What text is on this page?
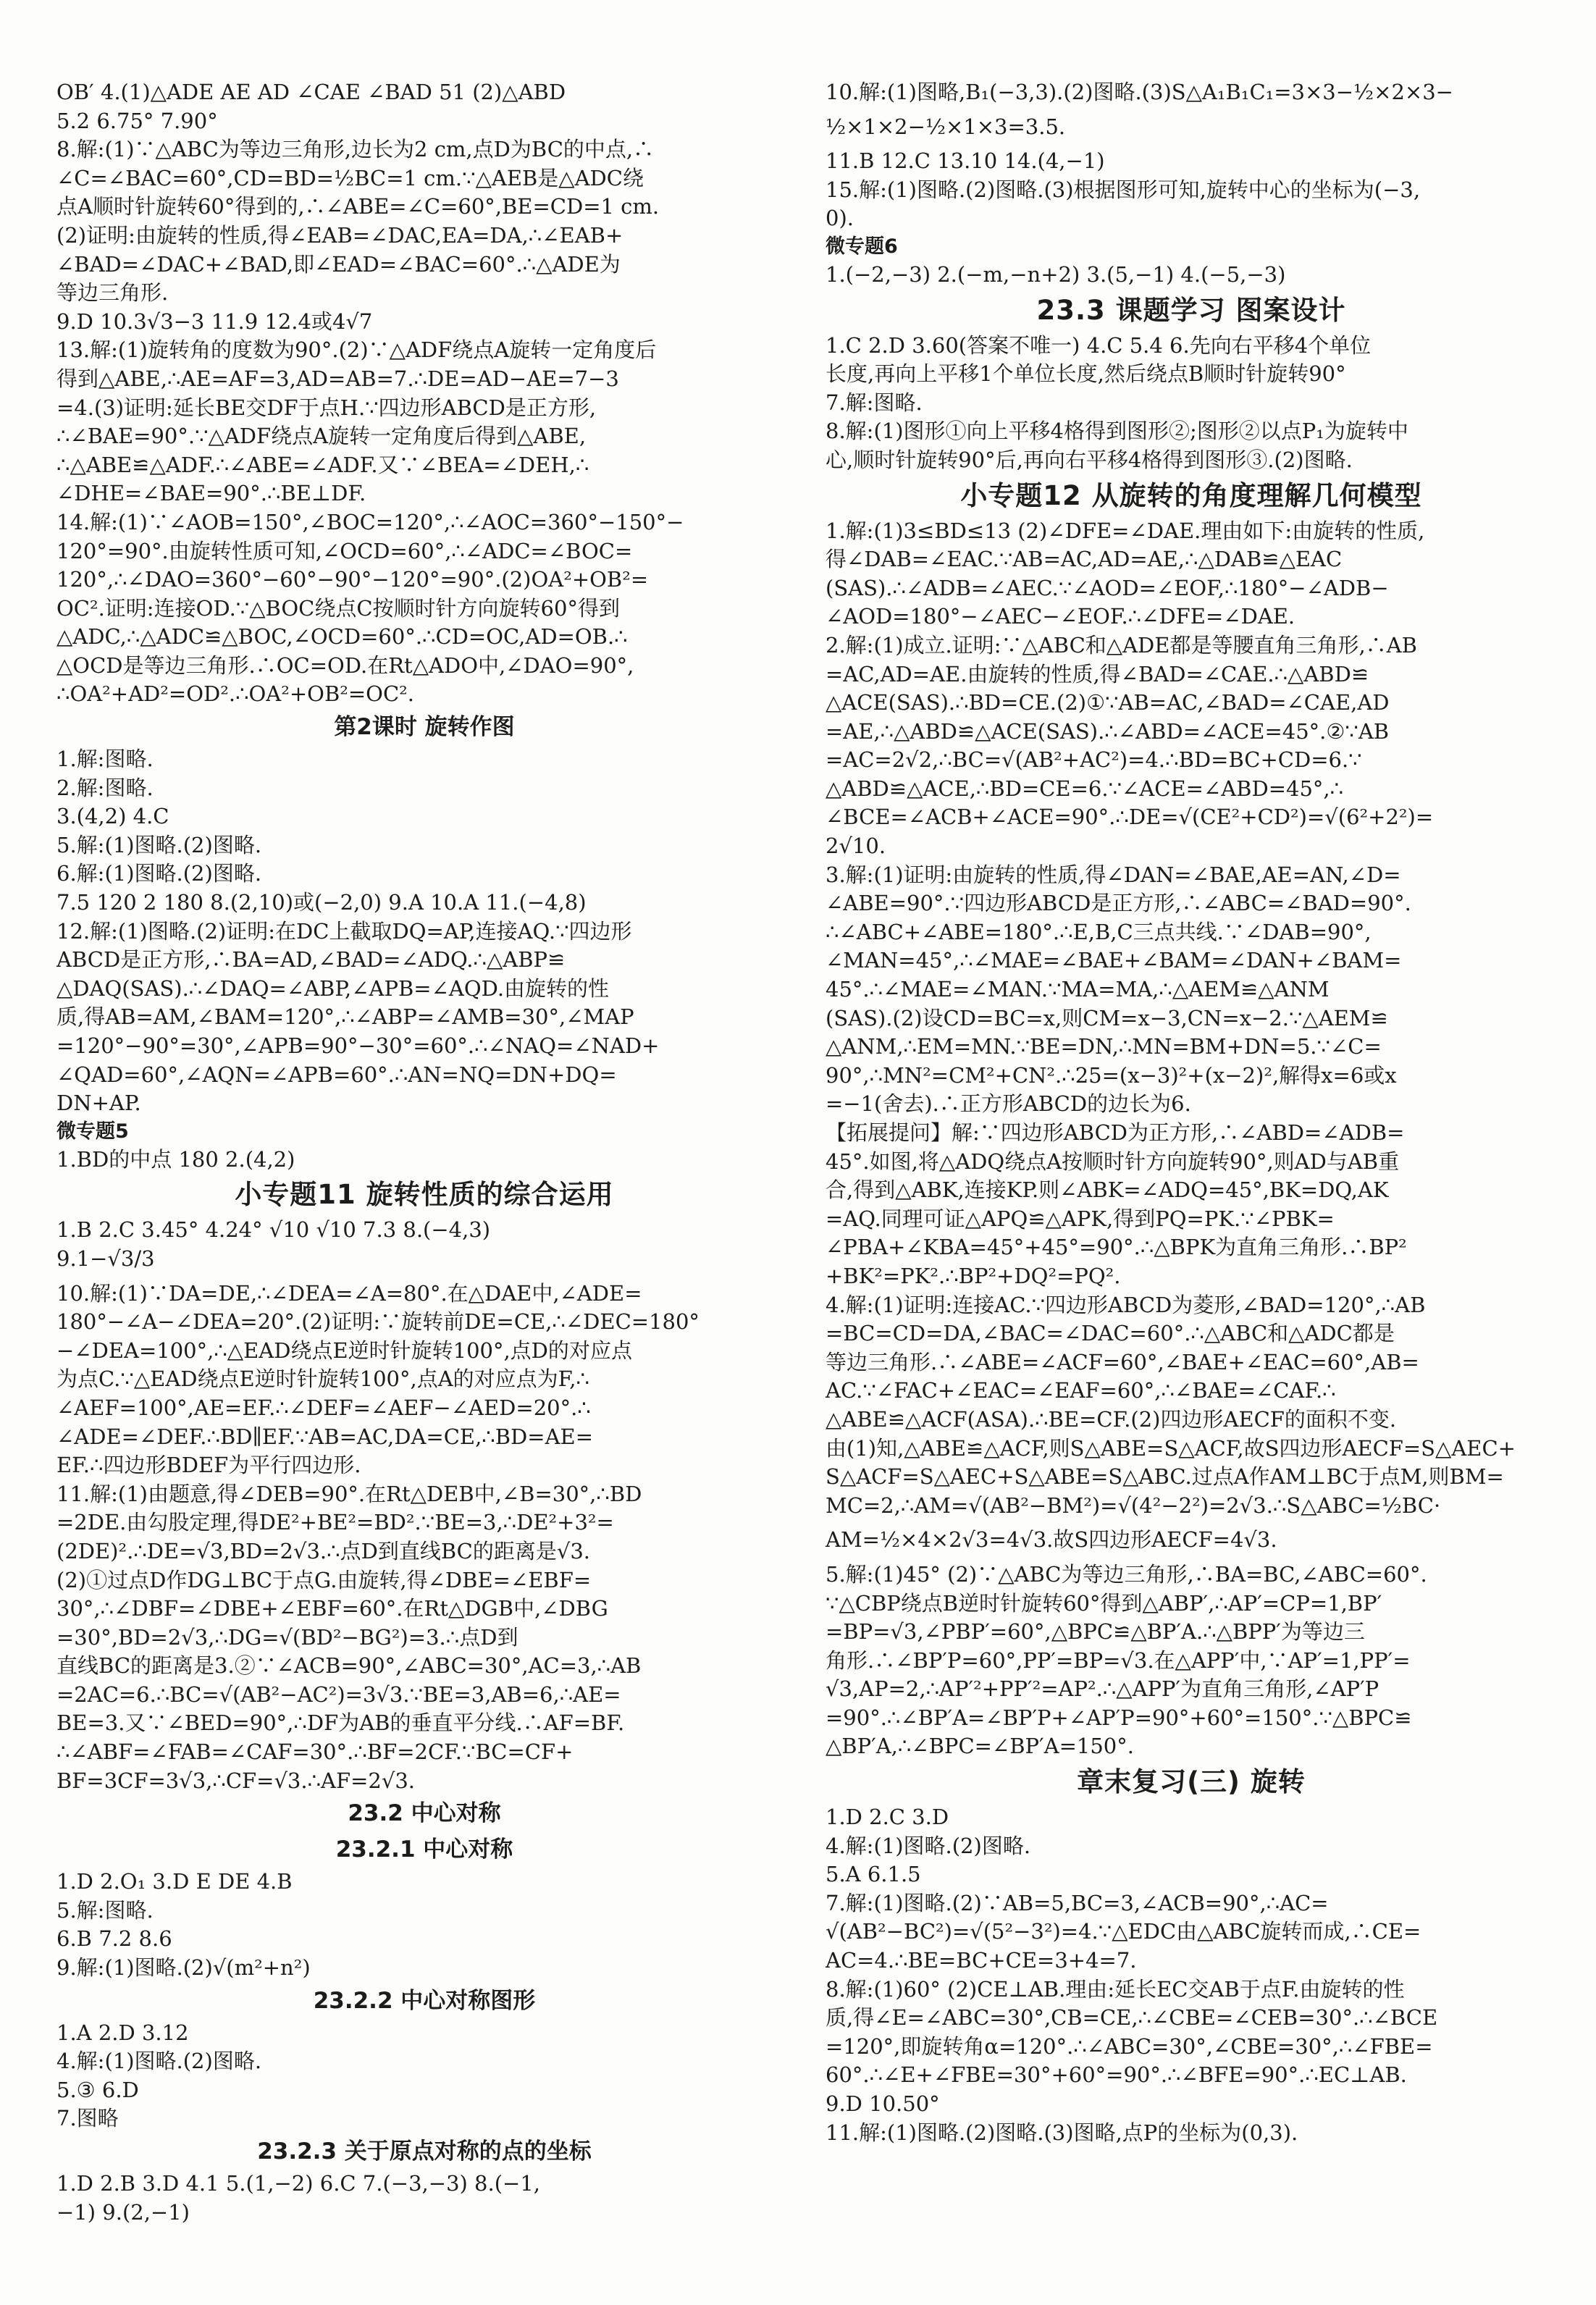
OB′ 4.(1)△ADE AE AD ∠CAE ∠BAD 51 (2)△ABD
5.2 6.75° 7.90°
8.解:(1)∵△ABC为等边三角形,边长为2 cm,点D为BC的中点,∴
∠C=∠BAC=60°,CD=BD=½BC=1 cm.∵△AEB是△ADC绕
点A顺时针旋转60°得到的,∴∠ABE=∠C=60°,BE=CD=1 cm.
(2)证明:由旋转的性质,得∠EAB=∠DAC,EA=DA,∴∠EAB+
∠BAD=∠DAC+∠BAD,即∠EAD=∠BAC=60°.∴△ADE为
等边三角形.
9.D 10.3√3−3 11.9 12.4或4√7
13.解:(1)旋转角的度数为90°.(2)∵△ADF绕点A旋转一定角度后
得到△ABE,∴AE=AF=3,AD=AB=7.∴DE=AD−AE=7−3
=4.(3)证明:延长BE交DF于点H.∵四边形ABCD是正方形,
∴∠BAE=90°.∵△ADF绕点A旋转一定角度后得到△ABE,
∴△ABE≌△ADF.∴∠ABE=∠ADF.又∵∠BEA=∠DEH,∴
∠DHE=∠BAE=90°.∴BE⊥DF.
14.解:(1)∵∠AOB=150°,∠BOC=120°,∴∠AOC=360°−150°−
120°=90°.由旋转性质可知,∠OCD=60°,∴∠ADC=∠BOC=
120°,∴∠DAO=360°−60°−90°−120°=90°.(2)OA²+OB²=
OC².证明:连接OD.∵△BOC绕点C按顺时针方向旋转60°得到
△ADC,∴△ADC≌△BOC,∠OCD=60°.∴CD=OC,AD=OB.∴
△OCD是等边三角形.∴OC=OD.在Rt△ADO中,∠DAO=90°,
∴OA²+AD²=OD².∴OA²+OB²=OC².
第2课时 旋转作图
1.解:图略.
2.解:图略.
3.(4,2) 4.C
5.解:(1)图略.(2)图略.
6.解:(1)图略.(2)图略.
7.5 120 2 180 8.(2,10)或(−2,0) 9.A 10.A 11.(−4,8)
12.解:(1)图略.(2)证明:在DC上截取DQ=AP,连接AQ.∵四边形
ABCD是正方形,∴BA=AD,∠BAD=∠ADQ.∴△ABP≌
△DAQ(SAS).∴∠DAQ=∠ABP,∠APB=∠AQD.由旋转的性
质,得AB=AM,∠BAM=120°,∴∠ABP=∠AMB=30°,∠MAP
=120°−90°=30°,∠APB=90°−30°=60°.∴∠NAQ=∠NAD+
∠QAD=60°,∠AQN=∠APB=60°.∴AN=NQ=DN+DQ=
DN+AP.
微专题5
1.BD的中点 180 2.(4,2)
小专题11 旋转性质的综合运用
1.B 2.C 3.45° 4.24° √10 √10 7.3 8.(−4,3)
9.1−√3/3
10.解:(1)∵DA=DE,∴∠DEA=∠A=80°.在△DAE中,∠ADE=
180°−∠A−∠DEA=20°.(2)证明:∵旋转前DE=CE,∴∠DEC=180°
−∠DEA=100°,∴△EAD绕点E逆时针旋转100°,点D的对应点
为点C.∵△EAD绕点E逆时针旋转100°,点A的对应点为F,∴
∠AEF=100°,AE=EF.∴∠DEF=∠AEF−∠AED=20°.∴
∠ADE=∠DEF.∴BD∥EF.∵AB=AC,DA=CE,∴BD=AE=
EF.∴四边形BDEF为平行四边形.
11.解:(1)由题意,得∠DEB=90°.在Rt△DEB中,∠B=30°,∴BD
=2DE.由勾股定理,得DE²+BE²=BD².∵BE=3,∴DE²+3²=
(2DE)².∴DE=√3,BD=2√3.∴点D到直线BC的距离是√3.
(2)①过点D作DG⊥BC于点G.由旋转,得∠DBE=∠EBF=
30°,∴∠DBF=∠DBE+∠EBF=60°.在Rt△DGB中,∠DBG
=30°,BD=2√3,∴DG=√(BD²−BG²)=3.∴点D到
直线BC的距离是3.②∵∠ACB=90°,∠ABC=30°,AC=3,∴AB
=2AC=6.∴BC=√(AB²−AC²)=3√3.∵BE=3,AB=6,∴AE=
BE=3.又∵∠BED=90°,∴DF为AB的垂直平分线.∴AF=BF.
∴∠ABF=∠FAB=∠CAF=30°.∴BF=2CF.∵BC=CF+
BF=3CF=3√3,∴CF=√3.∴AF=2√3.
23.2 中心对称
23.2.1 中心对称
1.D 2.O₁ 3.D E DE 4.B
5.解:图略.
6.B 7.2 8.6
9.解:(1)图略.(2)√(m²+n²)
23.2.2 中心对称图形
1.A 2.D 3.12
4.解:(1)图略.(2)图略.
5.③ 6.D
7.图略
23.2.3 关于原点对称的点的坐标
1.D 2.B 3.D 4.1 5.(1,−2) 6.C 7.(−3,−3) 8.(−1,
−1) 9.(2,−1)
10.解:(1)图略,B₁(−3,3).(2)图略.(3)S△A₁B₁C₁=3×3−½×2×3−
½×1×2−½×1×3=3.5.
11.B 12.C 13.10 14.(4,−1)
15.解:(1)图略.(2)图略.(3)根据图形可知,旋转中心的坐标为(−3,
0).
微专题6
1.(−2,−3) 2.(−m,−n+2) 3.(5,−1) 4.(−5,−3)
23.3 课题学习 图案设计
1.C 2.D 3.60(答案不唯一) 4.C 5.4 6.先向右平移4个单位
长度,再向上平移1个单位长度,然后绕点B顺时针旋转90°
7.解:图略.
8.解:(1)图形①向上平移4格得到图形②;图形②以点P₁为旋转中
心,顺时针旋转90°后,再向右平移4格得到图形③.(2)图略.
小专题12 从旋转的角度理解几何模型
1.解:(1)3≤BD≤13 (2)∠DFE=∠DAE.理由如下:由旋转的性质,
得∠DAB=∠EAC.∵AB=AC,AD=AE,∴△DAB≌△EAC
(SAS).∴∠ADB=∠AEC.∵∠AOD=∠EOF,∴180°−∠ADB−
∠AOD=180°−∠AEC−∠EOF.∴∠DFE=∠DAE.
2.解:(1)成立.证明:∵△ABC和△ADE都是等腰直角三角形,∴AB
=AC,AD=AE.由旋转的性质,得∠BAD=∠CAE.∴△ABD≌
△ACE(SAS).∴BD=CE.(2)①∵AB=AC,∠BAD=∠CAE,AD
=AE,∴△ABD≌△ACE(SAS).∴∠ABD=∠ACE=45°.②∵AB
=AC=2√2,∴BC=√(AB²+AC²)=4.∴BD=BC+CD=6.∵
△ABD≌△ACE,∴BD=CE=6.∵∠ACE=∠ABD=45°,∴
∠BCE=∠ACB+∠ACE=90°.∴DE=√(CE²+CD²)=√(6²+2²)=
2√10.
3.解:(1)证明:由旋转的性质,得∠DAN=∠BAE,AE=AN,∠D=
∠ABE=90°.∵四边形ABCD是正方形,∴∠ABC=∠BAD=90°.
∴∠ABC+∠ABE=180°.∴E,B,C三点共线.∵∠DAB=90°,
∠MAN=45°,∴∠MAE=∠BAE+∠BAM=∠DAN+∠BAM=
45°.∴∠MAE=∠MAN.∵MA=MA,∴△AEM≌△ANM
(SAS).(2)设CD=BC=x,则CM=x−3,CN=x−2.∵△AEM≌
△ANM,∴EM=MN.∵BE=DN,∴MN=BM+DN=5.∵∠C=
90°,∴MN²=CM²+CN².∴25=(x−3)²+(x−2)²,解得x=6或x
=−1(舍去).∴正方形ABCD的边长为6.
【拓展提问】解:∵四边形ABCD为正方形,∴∠ABD=∠ADB=
45°.如图,将△ADQ绕点A按顺时针方向旋转90°,则AD与AB重
合,得到△ABK,连接KP.则∠ABK=∠ADQ=45°,BK=DQ,AK
=AQ.同理可证△APQ≌△APK,得到PQ=PK.∵∠PBK=
∠PBA+∠KBA=45°+45°=90°.∴△BPK为直角三角形.∴BP²
+BK²=PK².∴BP²+DQ²=PQ².
4.解:(1)证明:连接AC.∵四边形ABCD为菱形,∠BAD=120°,∴AB
=BC=CD=DA,∠BAC=∠DAC=60°.∴△ABC和△ADC都是
等边三角形.∴∠ABE=∠ACF=60°,∠BAE+∠EAC=60°,AB=
AC.∵∠FAC+∠EAC=∠EAF=60°,∴∠BAE=∠CAF.∴
△ABE≌△ACF(ASA).∴BE=CF.(2)四边形AECF的面积不变.
由(1)知,△ABE≌△ACF,则S△ABE=S△ACF,故S四边形AECF=S△AEC+
S△ACF=S△AEC+S△ABE=S△ABC.过点A作AM⊥BC于点M,则BM=
MC=2,∴AM=√(AB²−BM²)=√(4²−2²)=2√3.∴S△ABC=½BC·
AM=½×4×2√3=4√3.故S四边形AECF=4√3.
5.解:(1)45° (2)∵△ABC为等边三角形,∴BA=BC,∠ABC=60°.
∵△CBP绕点B逆时针旋转60°得到△ABP′,∴AP′=CP=1,BP′
=BP=√3,∠PBP′=60°,△BPC≌△BP′A.∴△BPP′为等边三
角形.∴∠BP′P=60°,PP′=BP=√3.在△APP′中,∵AP′=1,PP′=
√3,AP=2,∴AP′²+PP′²=AP².∴△APP′为直角三角形,∠AP′P
=90°.∴∠BP′A=∠BP′P+∠AP′P=90°+60°=150°.∵△BPC≌
△BP′A,∴∠BPC=∠BP′A=150°.
章末复习(三) 旋转
1.D 2.C 3.D
4.解:(1)图略.(2)图略.
5.A 6.1.5
7.解:(1)图略.(2)∵AB=5,BC=3,∠ACB=90°,∴AC=
√(AB²−BC²)=√(5²−3²)=4.∵△EDC由△ABC旋转而成,∴CE=
AC=4.∴BE=BC+CE=3+4=7.
8.解:(1)60° (2)CE⊥AB.理由:延长EC交AB于点F.由旋转的性
质,得∠E=∠ABC=30°,CB=CE,∴∠CBE=∠CEB=30°.∴∠BCE
=120°,即旋转角α=120°.∴∠ABC=30°,∠CBE=30°,∴∠FBE=
60°.∴∠E+∠FBE=30°+60°=90°.∴∠BFE=90°.∴EC⊥AB.
9.D 10.50°
11.解:(1)图略.(2)图略.(3)图略,点P的坐标为(0,3).
